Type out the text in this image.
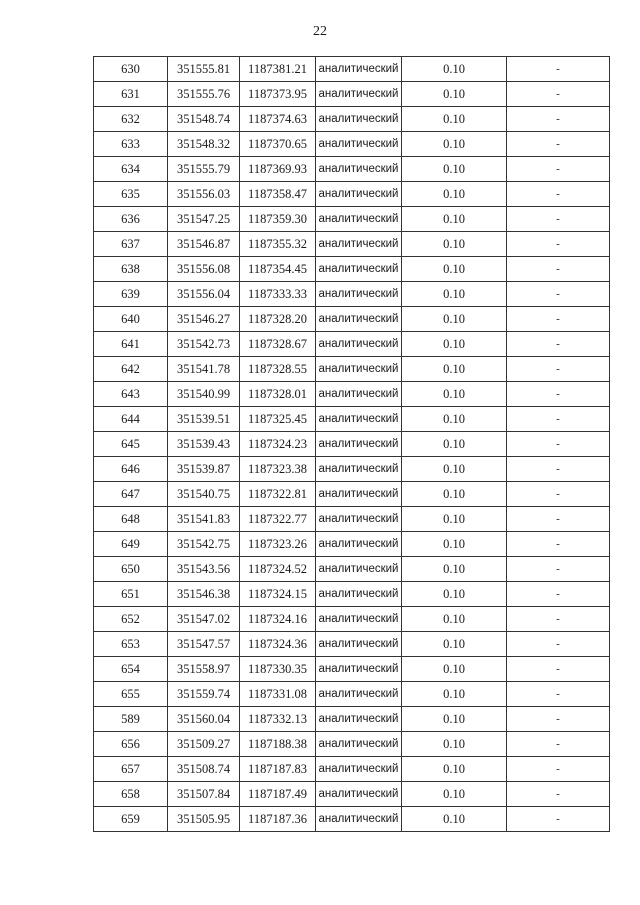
22
630	351555.81	1187381.21	аналитический	0.10	-
631	351555.76	1187373.95	аналитический	0.10	-
632	351548.74	1187374.63	аналитический	0.10	-
633	351548.32	1187370.65	аналитический	0.10	-
634	351555.79	1187369.93	аналитический	0.10	-
635	351556.03	1187358.47	аналитический	0.10	-
636	351547.25	1187359.30	аналитический	0.10	-
637	351546.87	1187355.32	аналитический	0.10	-
638	351556.08	1187354.45	аналитический	0.10	-
639	351556.04	1187333.33	аналитический	0.10	-
640	351546.27	1187328.20	аналитический	0.10	-
641	351542.73	1187328.67	аналитический	0.10	-
642	351541.78	1187328.55	аналитический	0.10	-
643	351540.99	1187328.01	аналитический	0.10	-
644	351539.51	1187325.45	аналитический	0.10	-
645	351539.43	1187324.23	аналитический	0.10	-
646	351539.87	1187323.38	аналитический	0.10	-
647	351540.75	1187322.81	аналитический	0.10	-
648	351541.83	1187322.77	аналитический	0.10	-
649	351542.75	1187323.26	аналитический	0.10	-
650	351543.56	1187324.52	аналитический	0.10	-
651	351546.38	1187324.15	аналитический	0.10	-
652	351547.02	1187324.16	аналитический	0.10	-
653	351547.57	1187324.36	аналитический	0.10	-
654	351558.97	1187330.35	аналитический	0.10	-
655	351559.74	1187331.08	аналитический	0.10	-
589	351560.04	1187332.13	аналитический	0.10	-
656	351509.27	1187188.38	аналитический	0.10	-
657	351508.74	1187187.83	аналитический	0.10	-
658	351507.84	1187187.49	аналитический	0.10	-
659	351505.95	1187187.36	аналитический	0.10	-
